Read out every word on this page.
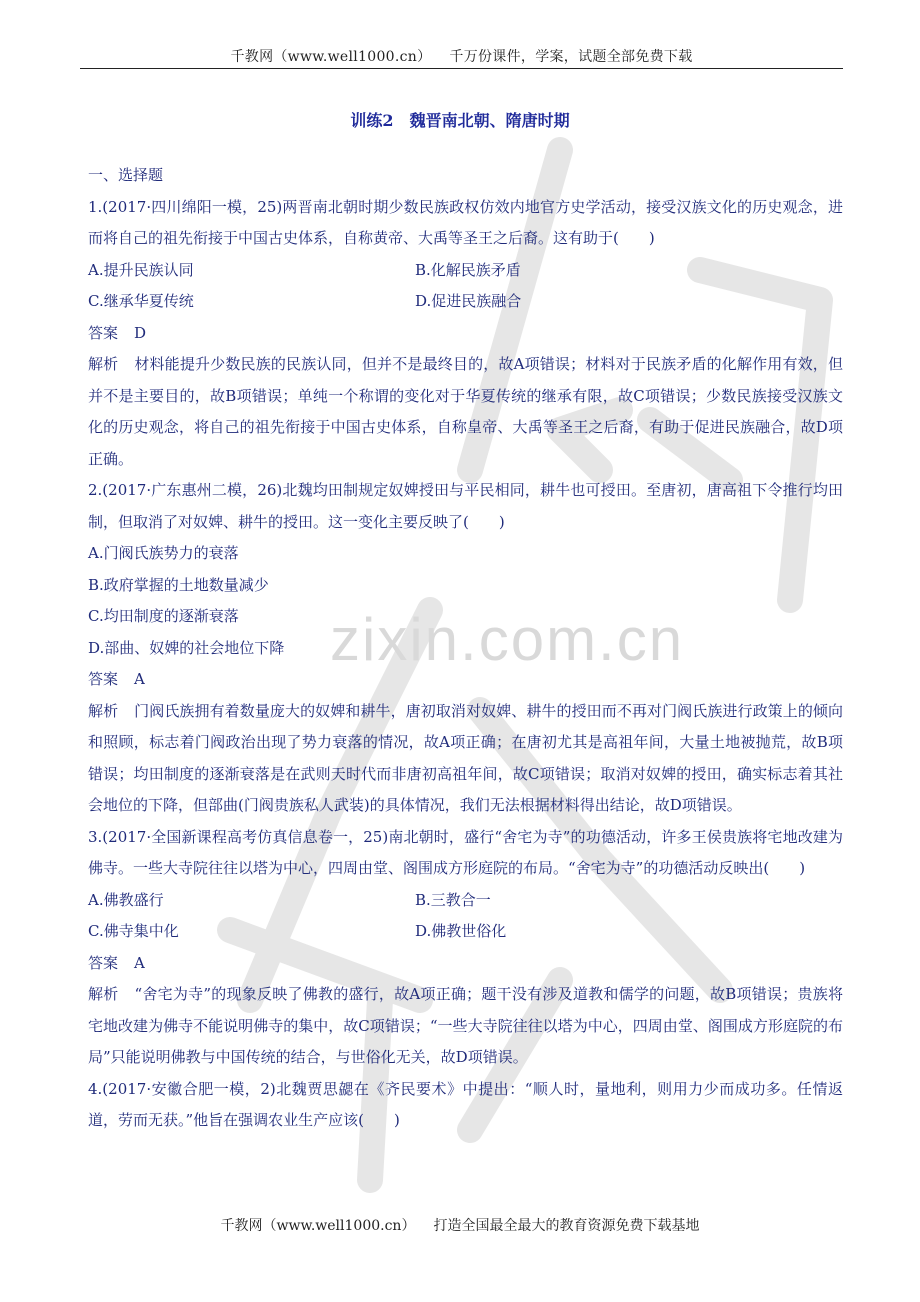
zixin.com.cn
千教网（www.well1000.cn） 千万份课件，学案，试题全部免费下载
训练2 魏晋南北朝、隋唐时期

一、选择题

1.(2017·四川绵阳一模，25)两晋南北朝时期少数民族政权仿效内地官方史学活动，接受汉族文化的历史观念，进而将自己的祖先衔接于中国古史体系，自称黄帝、大禹等圣王之后裔。这有助于(　　)

A.提升民族认同	B.化解民族矛盾
C.继承华夏传统	D.促进民族融合

答案 D

解析 材料能提升少数民族的民族认同，但并不是最终目的，故A项错误；材料对于民族矛盾的化解作用有效，但并不是主要目的，故B项错误；单纯一个称谓的变化对于华夏传统的继承有限，故C项错误；少数民族接受汉族文化的历史观念，将自己的祖先衔接于中国古史体系，自称皇帝、大禹等圣王之后裔，有助于促进民族融合，故D项正确。

2.(2017·广东惠州二模，26)北魏均田制规定奴婢授田与平民相同，耕牛也可授田。至唐初，唐高祖下令推行均田制，但取消了对奴婢、耕牛的授田。这一变化主要反映了(　　)

A.门阀氏族势力的衰落

B.政府掌握的土地数量减少

C.均田制度的逐渐衰落

D.部曲、奴婢的社会地位下降

答案 A

解析 门阀氏族拥有着数量庞大的奴婢和耕牛，唐初取消对奴婢、耕牛的授田而不再对门阀氏族进行政策上的倾向和照顾，标志着门阀政治出现了势力衰落的情况，故A项正确；在唐初尤其是高祖年间，大量土地被抛荒，故B项错误；均田制度的逐渐衰落是在武则天时代而非唐初高祖年间，故C项错误；取消对奴婢的授田，确实标志着其社会地位的下降，但部曲(门阀贵族私人武装)的具体情况，我们无法根据材料得出结论，故D项错误。

3.(2017·全国新课程高考仿真信息卷一，25)南北朝时，盛行“舍宅为寺”的功德活动，许多王侯贵族将宅地改建为佛寺。一些大寺院往往以塔为中心，四周由堂、阁围成方形庭院的布局。“舍宅为寺”的功德活动反映出(　　)

A.佛教盛行	B.三教合一
C.佛寺集中化	D.佛教世俗化

答案 A

解析 “舍宅为寺”的现象反映了佛教的盛行，故A项正确；题干没有涉及道教和儒学的问题，故B项错误；贵族将宅地改建为佛寺不能说明佛寺的集中，故C项错误；“一些大寺院往往以塔为中心，四周由堂、阁围成方形庭院的布局”只能说明佛教与中国传统的结合，与世俗化无关，故D项错误。

4.(2017·安徽合肥一模，2)北魏贾思勰在《齐民要术》中提出：“顺人时，量地利，则用力少而成功多。任情返道，劳而无获。”他旨在强调农业生产应该(　　)

千教网（www.well1000.cn） 打造全国最全最大的教育资源免费下载基地
